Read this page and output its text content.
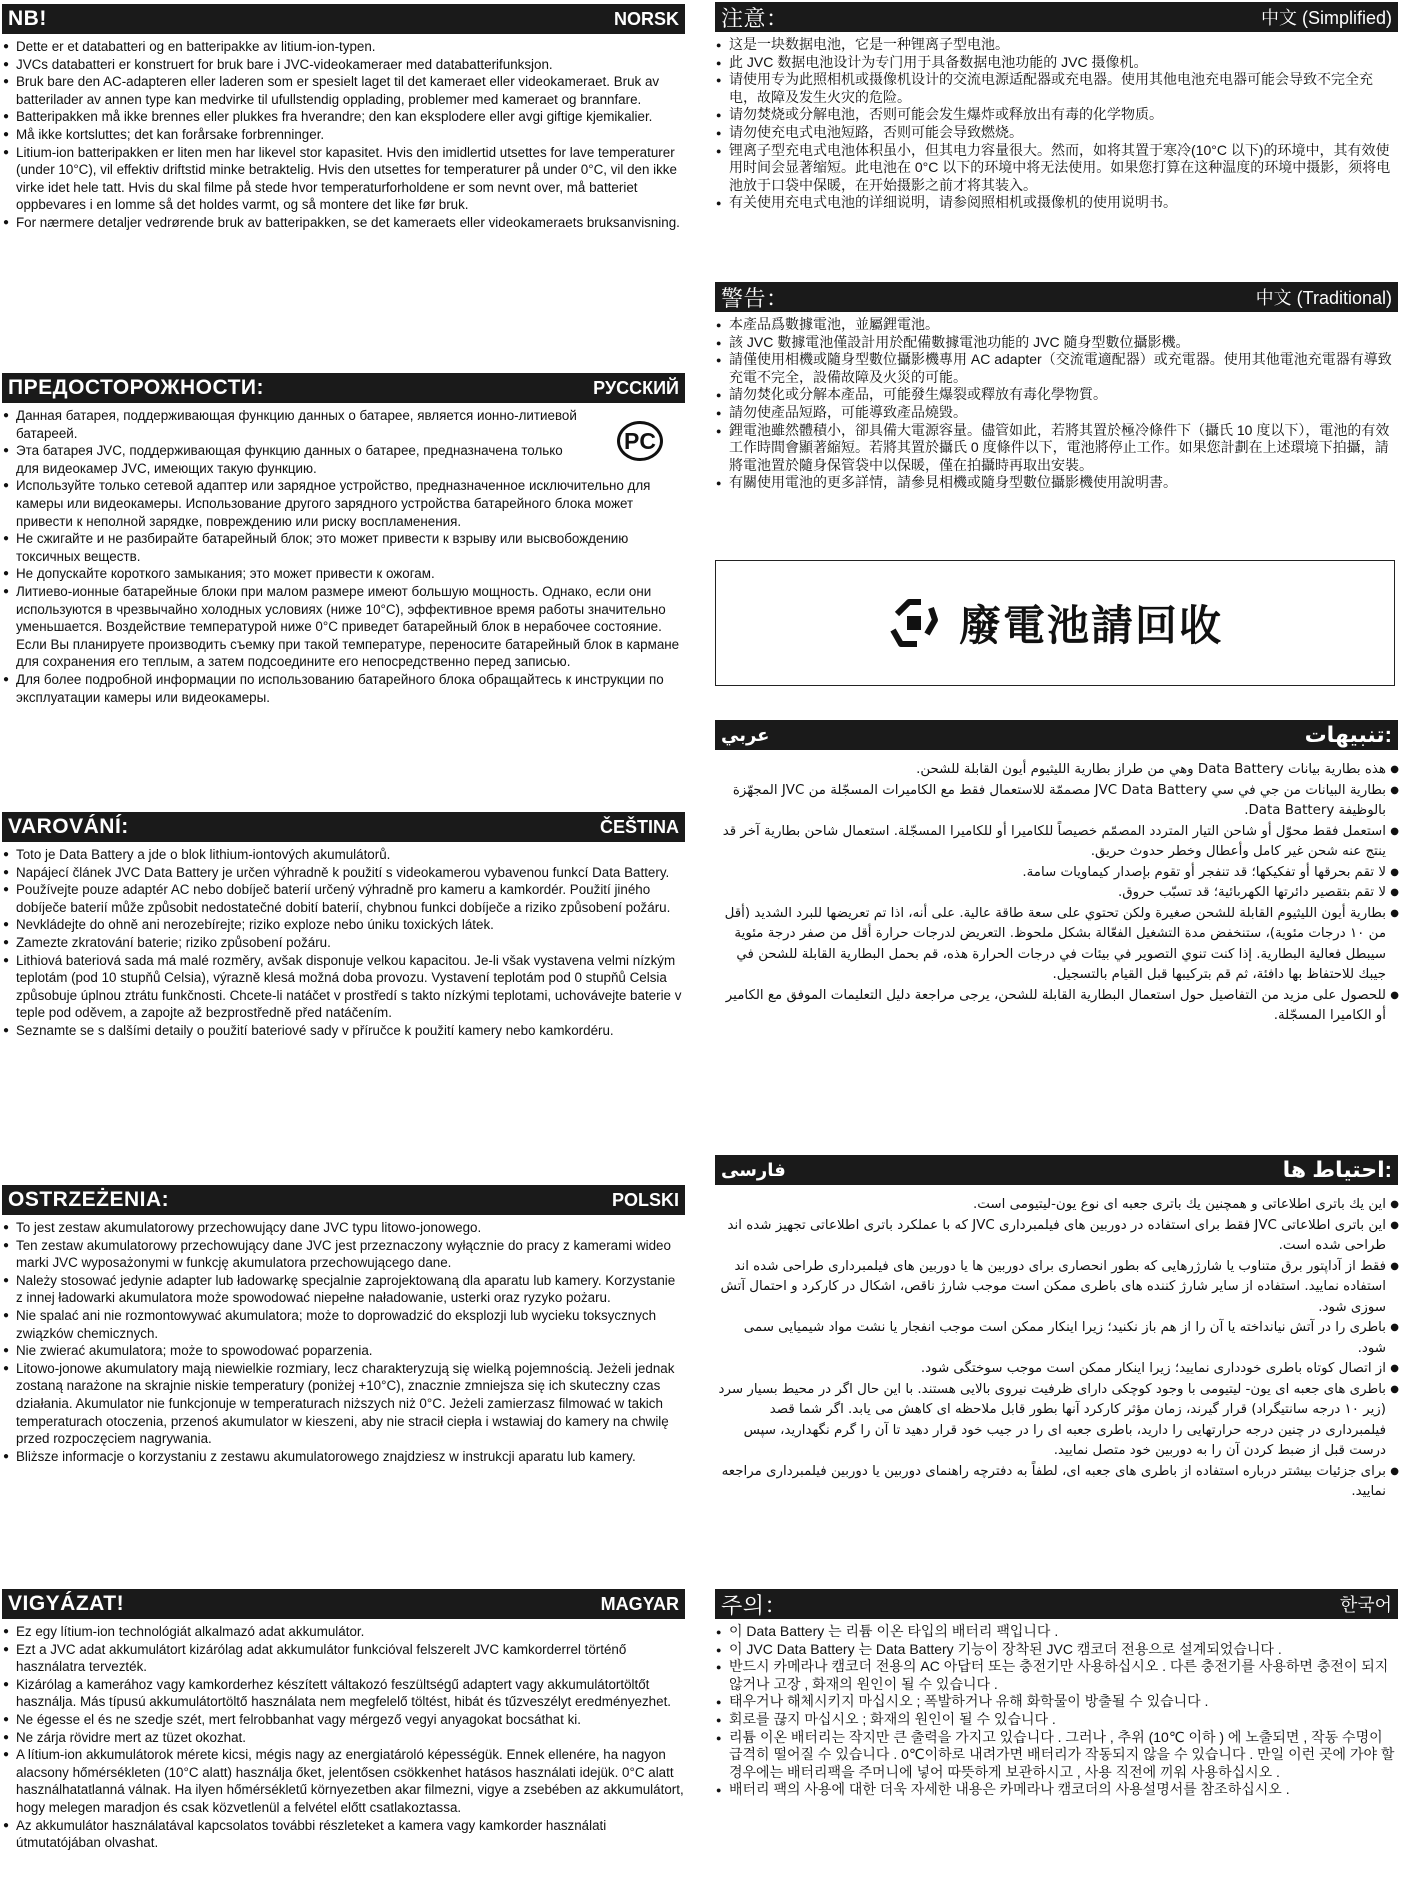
NB!	NORSK
● Dette er et databatteri og en batteripakke av litium-ion-typen.
● JVCs databatteri er konstruert for bruk bare i JVC-videokameraer med databatterifunksjon.
● Bruk bare den AC-adapteren eller laderen som er spesielt laget til det kameraet eller videokameraet. Bruk av batterilader av annen type kan medvirke til ufullstendig opplading, problemer med kameraet og brannfare.
● Batteripakken må ikke brennes eller plukkes fra hverandre; den kan eksplodere eller avgi giftige kjemikalier.
● Må ikke kortsluttes; det kan forårsake forbrenninger.
● Litium-ion batteripakken er liten men har likevel stor kapasitet. Hvis den imidlertid utsettes for lave temperaturer (under 10°C), vil effektiv driftstid minke betraktelig. Hvis den utsettes for temperaturer på under 0°C, vil den ikke virke idet hele tatt. Hvis du skal filme på stede hvor temperaturforholdene er som nevnt over, må batteriet oppbevares i en lomme så det holdes varmt, og så montere det like før bruk.
● For nærmere detaljer vedrørende bruk av batteripakken, se det kameraets eller videokameraets bruksanvisning.
ПРЕДОСТОРОЖНОСТИ:	РУССКИЙ
PC
● Данная батарея, поддерживающая функцию данных о батарее, является ионно-литиевой батареей.
● Эта батарея JVC, поддерживающая функцию данных о батарее, предназначена только для видеокамер JVC, имеющих такую функцию.
● Используйте только сетевой адаптер или зарядное устройство, предназначенное исключительно для камеры или видеокамеры. Использование другого зарядного устройства батарейного блока может привести к неполной зарядке, повреждению или риску воспламенения.
● Не сжигайте и не разбирайте батарейный блок; это может привести к взрыву или высвобождению токсичных веществ.
● Не допускайте короткого замыкания; это может привести к ожогам.
● Литиево-ионные батарейные блоки при малом размере имеют большую мощность. Однако, если они используются в чрезвычайно холодных условиях (ниже 10°C), эффективное время работы значительно уменьшается. Воздействие температурой ниже 0°C приведет батарейный блок в нерабочее состояние. Если Вы планируете производить съемку при такой температуре, переносите батарейный блок в кармане для сохранения его теплым, а затем подсоедините его непосредственно перед записью.
● Для более подробной информации по использованию батарейного блока обращайтесь к инструкции по эксплуатации камеры или видеокамеры.
VAROVÁNÍ:	ČEŠTINA
● Toto je Data Battery a jde o blok lithium-iontových akumulátorů.
● Napájecí článek JVC Data Battery je určen výhradně k použití s videokamerou vybavenou funkcí Data Battery.
● Používejte pouze adaptér AC nebo dobíječ baterií určený výhradně pro kameru a kamkordér. Použití jiného dobíječe baterií může způsobit nedostatečné dobití baterií, chybnou funkci dobíječe a riziko způsobení požáru.
● Nevkládejte do ohně ani nerozebírejte; riziko exploze nebo úniku toxických látek.
● Zamezte zkratování baterie; riziko způsobení požáru.
● Lithiová bateriová sada má malé rozměry, avšak disponuje velkou kapacitou. Je-li však vystavena velmi nízkým teplotám (pod 10 stupňů Celsia), výrazně klesá možná doba provozu. Vystavení teplotám pod 0 stupňů Celsia způsobuje úplnou ztrátu funkčnosti. Chcete-li natáčet v prostředí s takto nízkými teplotami, uchovávejte baterie v teple pod oděvem, a zapojte až bezprostředně před natáčením.
● Seznamte se s dalšími detaily o použití bateriové sady v příručce k použití kamery nebo kamkordéru.
OSTRZEŻENIA:	POLSKI
● To jest zestaw akumulatorowy przechowujący dane JVC typu litowo-jonowego.
● Ten zestaw akumulatorowy przechowujący dane JVC jest przeznaczony wyłącznie do pracy z kamerami wideo marki JVC wyposażonymi w funkcję akumulatora przechowującego dane.
● Należy stosować jedynie adapter lub ładowarkę specjalnie zaprojektowaną dla aparatu lub kamery. Korzystanie z innej ładowarki akumulatora może spowodować niepełne naładowanie, usterki oraz ryzyko pożaru.
● Nie spalać ani nie rozmontowywać akumulatora; może to doprowadzić do eksplozji lub wycieku toksycznych związków chemicznych.
● Nie zwierać akumulatora; może to spowodować poparzenia.
● Litowo-jonowe akumulatory mają niewielkie rozmiary, lecz charakteryzują się wielką pojemnością. Jeżeli jednak zostaną narażone na skrajnie niskie temperatury (poniżej +10°C), znacznie zmniejsza się ich skuteczny czas działania. Akumulator nie funkcjonuje w temperaturach niższych niż 0°C. Jeżeli zamierzasz filmować w takich temperaturach otoczenia, przenoś akumulator w kieszeni, aby nie stracił ciepła i wstawiaj do kamery na chwilę przed rozpoczęciem nagrywania.
● Bliższe informacje o korzystaniu z zestawu akumulatorowego znajdziesz w instrukcji aparatu lub kamery.
VIGYÁZAT!	MAGYAR
● Ez egy lítium-ion technológiát alkalmazó adat akkumulátor.
● Ezt a JVC adat akkumulátort kizárólag adat akkumulátor funkcióval felszerelt JVC kamkorderrel történő használatra tervezték.
● Kizárólag a kamerához vagy kamkorderhez készített váltakozó feszültségű adaptert vagy akkumulátortöltőt használja. Más típusú akkumulátortöltő használata nem megfelelő töltést, hibát és tűzveszélyt eredményezhet.
● Ne égesse el és ne szedje szét, mert felrobbanhat vagy mérgező vegyi anyagokat bocsáthat ki.
● Ne zárja rövidre mert az tüzet okozhat.
● A lítium-ion akkumulátorok mérete kicsi, mégis nagy az energiatároló képességük. Ennek ellenére, ha nagyon alacsony hőmérsékleten (10°C alatt) használja őket, jelentősen csökkenhet hatásos használati idejük. 0°C alatt használhatatlanná válnak. Ha ilyen hőmérsékletű környezetben akar filmezni, vigye a zsebében az akkumulátort, hogy melegen maradjon és csak közvetlenül a felvétel előtt csatlakoztassa.
● Az akkumulátor használatával kapcsolatos további részleteket a kamera vagy kamkorder használati útmutatójában olvashat.
注意：	中文 (Simplified)
● 这是一块数据电池，它是一种锂离子型电池。
● 此 JVC 数据电池设计为专门用于具备数据电池功能的 JVC 摄像机。
● 请使用专为此照相机或摄像机设计的交流电源适配器或充电器。使用其他电池充电器可能会导致不完全充电，故障及发生火灾的危险。
● 请勿焚烧或分解电池，否则可能会发生爆炸或释放出有毒的化学物质。
● 请勿使充电式电池短路，否则可能会导致燃烧。
● 锂离子型充电式电池体积虽小，但其电力容量很大。然而，如将其置于寒冷(10°C 以下)的环境中，其有效使用时间会显著缩短。此电池在 0°C 以下的环境中将无法使用。如果您打算在这种温度的环境中摄影，须将电池放于口袋中保暖，在开始摄影之前才将其装入。
● 有关使用充电式电池的详细说明，请参阅照相机或摄像机的使用说明书。
警告：	中文 (Traditional)
● 本產品爲數據電池，並屬鋰電池。
● 該 JVC 數據電池僅設計用於配備數據電池功能的 JVC 隨身型數位攝影機。
● 請僅使用相機或隨身型數位攝影機專用 AC adapter（交流電適配器）或充電器。使用其他電池充電器有導致充電不完全，設備故障及火災的可能。
● 請勿焚化或分解本產品，可能發生爆裂或釋放有毒化學物質。
● 請勿使產品短路，可能導致產品燒毀。
● 鋰電池雖然體積小，卻具備大電源容量。儘管如此，若將其置於極冷條件下（攝氏 10 度以下），電池的有效工作時間會顯著縮短。若將其置於攝氏 0 度條件以下，電池將停止工作。如果您計劃在上述環境下拍攝，請將電池置於隨身保管袋中以保暖，僅在拍攝時再取出安裝。
● 有關使用電池的更多詳情，請參見相機或隨身型數位攝影機使用說明書。
廢電池請回收
عربي	تنبيهات:
● هذه بطارية بيانات Data Battery وهي من طراز بطارية الليثيوم أيون القابلة للشحن.
● بطارية البيانات من جي في سي JVC Data Battery مصممّة للاستعمال فقط مع الكاميرات المسجّلة من JVC المجهّزة بالوظيفة Data Battery.
● استعمل فقط محوّل أو شاحن التيار المتردد المصمّم خصيصاً للكاميرا أو للكاميرا المسجّلة. استعمال شاحن بطارية آخر قد ينتج عنه شحن غير كامل وأعطال وخطر حدوث حريق.
● لا تقم بحرقها أو تفكيكها؛ قد تنفجر أو تقوم بإصدار كيماويات سامة.
● لا تقم بتقصير دائرتها الكهربائية؛ قد تسبّب حروق.
● بطارية أيون الليثيوم القابلة للشحن صغيرة ولكن تحتوي على سعة طاقة عالية. على أنه، اذا تم تعريضها للبرد الشديد (أقل من ١٠ درجات مئوية)، ستنخفض مدة التشغيل الفعّالة بشكل ملحوظ. التعريض لدرجات حرارة أقل من صفر درجة مئوية سيبطل فعالية البطارية. إذا كنت تنوي التصوير في بيئات في درجات الحرارة هذه، قم بحمل البطارية القابلة للشحن في جيبك للاحتفاظ بها دافئة، ثم قم بتركيبها قبل القيام بالتسجيل.
● للحصول على مزيد من التفاصيل حول استعمال البطارية القابلة للشحن، يرجى مراجعة دليل التعليمات الموفق مع الكامير أو الكاميرا المسجّلة.
فارسی	احتیاط ها:
● این یك باتری اطلاعاتی و همچنین یك باتری جعبه ای نوع یون-لیتیومی است.
● این باتری اطلاعاتی JVC فقط برای استفاده در دوربین های فیلمبرداری JVC که با عملکرد باتری اطلاعاتی تجهیز شده اند طراحی شده است.
● فقط از آداپتور برق متناوب یا شارژرهایی که بطور انحصاری برای دوربین ها یا دوربین های فیلمبرداری طراحی شده اند استفاده نمایید. استفاده از سایر شارژ کننده های باطری ممکن است موجب شارژ ناقص، اشکال در کارکرد و احتمال آتش سوزی شود.
● باطری را در آتش نیانداخته یا آن را از هم باز نکنید؛ زیرا اینکار ممکن است موجب انفجار یا نشت مواد شیمیایی سمی شود.
● از اتصال کوتاه باطری خودداری نمایید؛ زیرا اینکار ممکن است موجب سوختگی شود.
● باطری های جعبه ای یون- لیتیومی با وجود کوچکی دارای ظرفیت نیروی بالایی هستند. با این حال اگر در محیط بسیار سرد (زیر ۱۰ درجه سانتیگراد) قرار گیرند، زمان مؤثر کارکرد آنها بطور قابل ملاحظه ای کاهش می یابد. اگر شما قصد فیلمبرداری در چنین درجه حرارتهایی را دارید، باطری جعبه ای را در جیب خود قرار دهید تا آن را گرم نگهدارید، سپس درست قبل از ضبط کردن آن را به دوربین خود متصل نمایید.
● برای جزئیات بیشتر درباره استفاده از باطری های جعبه ای، لطفاً به دفترچه راهنمای دوربین یا دوربین فیلمبرداری مراجعه نمایید.
주의：	한국어
● 이 Data Battery 는 리튬 이온 타입의 배터리 팩입니다 .
● 이 JVC Data Battery 는 Data Battery 기능이 장착된 JVC 캠코더 전용으로 설계되었습니다 .
● 반드시 카메라나 캠코더 전용의 AC 아답터 또는 충전기만 사용하십시오 . 다른 충전기를 사용하면 충전이 되지 않거나 고장 , 화재의 원인이 될 수 있습니다 .
● 태우거나 해체시키지 마십시오 ; 폭발하거나 유해 화학물이 방출될 수 있습니다 .
● 회로를 끊지 마십시오 ; 화재의 원인이 될 수 있습니다 .
● 리튬 이온 배터리는 작지만 큰 출력을 가지고 있습니다 . 그러나 , 추위 (10℃ 이하 ) 에 노출되면 , 작동 수명이 급격히 떨어질 수 있습니다 . 0℃이하로 내려가면 배터리가 작동되지 않을 수 있습니다 . 만일 이런 곳에 가야 할 경우에는 배터리팩을 주머니에 넣어 따뜻하게 보관하시고 , 사용 직전에 끼워 사용하십시오 .
● 배터리 팩의 사용에 대한 더욱 자세한 내용은 카메라나 캠코더의 사용설명서를 참조하십시오 .
